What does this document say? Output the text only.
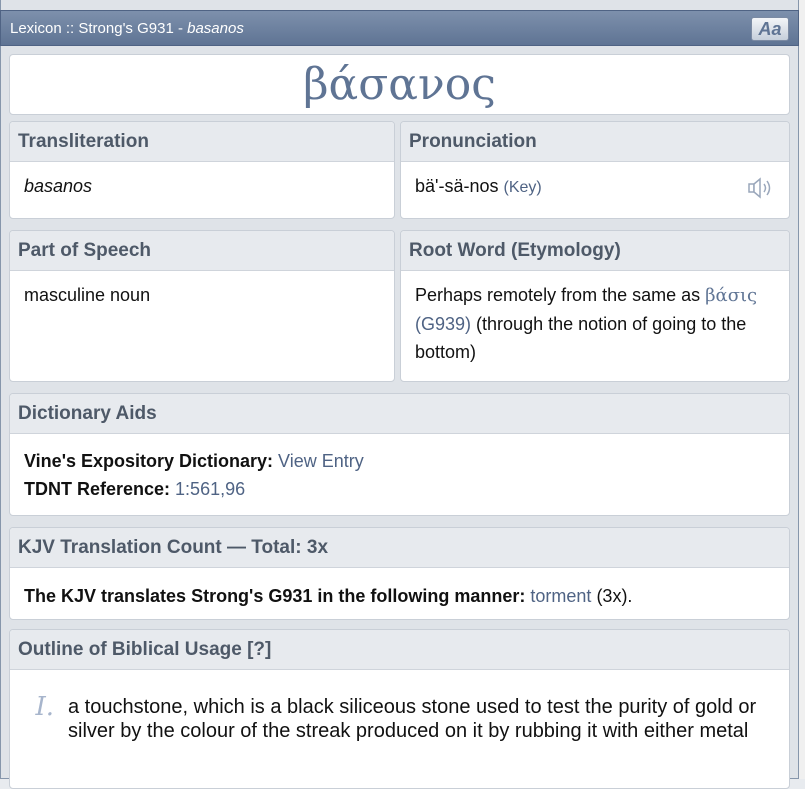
Lexicon :: Strong's G931 - basanos	Aa
βάσανος
Transliteration
basanos
Pronunciation
bä'-sä-nos (Key)
Part of Speech
masculine noun
Root Word (Etymology)
Perhaps remotely from the same as βάσις (G939) (through the notion of going to the bottom)
Dictionary Aids
Vine's Expository Dictionary: View Entry
TDNT Reference: 1:561,96
KJV Translation Count — Total: 3x
The KJV translates Strong's G931 in the following manner: torment (3x).
Outline of Biblical Usage
[?]
I. a touchstone, which is a black siliceous stone used to test the purity of gold or silver by the colour of the streak produced on it by rubbing it with either metal
